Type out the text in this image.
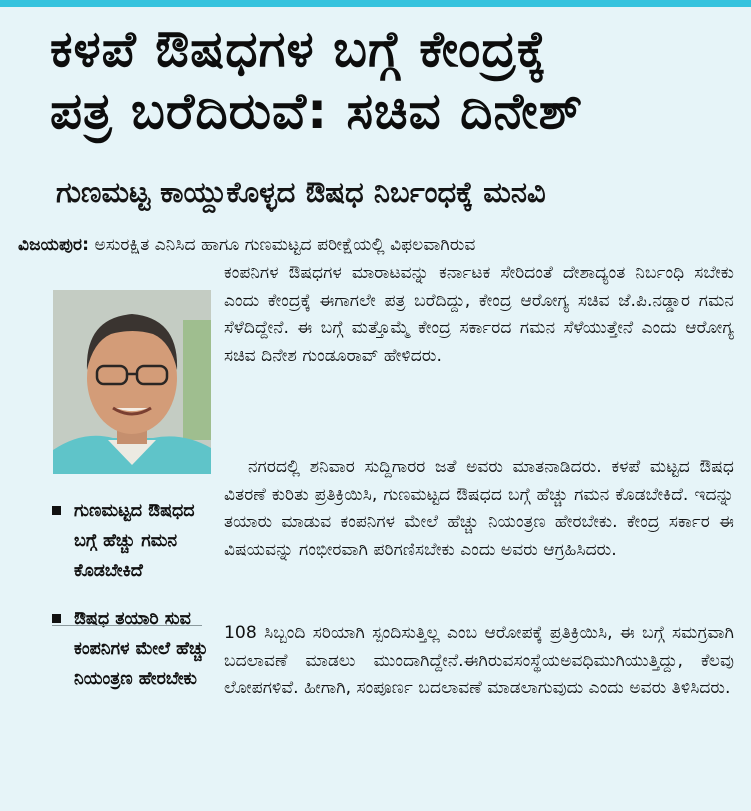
ಕಳಪೆ ಔಷಧಗಳ ಬಗ್ಗೆ ಕೇಂದ್ರಕ್ಕೆ
ಪತ್ರ ಬರೆದಿರುವೆ: ಸಚಿವ ದಿನೇಶ್
ಗುಣಮಟ್ಟ ಕಾಯ್ದುಕೊಳ್ಳದ ಔಷಧ ನಿರ್ಬಂಧಕ್ಕೆ ಮನವಿ
ವಿಜಯಪುರ: ಅಸುರಕ್ಷಿತ ಎನಿಸಿದ ಹಾಗೂ ಗುಣಮಟ್ಟದ ಪರೀಕ್ಷೆಯಲ್ಲಿ ವಿಫಲವಾಗಿರುವ
ಕಂಪನಿಗಳ ಔಷಧಗಳ ಮಾರಾಟವನ್ನು ಕರ್ನಾಟಕ ಸೇರಿದಂತೆ ದೇಶಾದ್ಯಂತ ನಿರ್ಬಂಧಿ ಸಬೇಕು ಎಂದು ಕೇಂದ್ರಕ್ಕೆ ಈಗಾಗಲೇ ಪತ್ರ ಬರೆದಿದ್ದು, ಕೇಂದ್ರ ಆರೋಗ್ಯ ಸಚಿವ ಜೆ.ಪಿ.ನಡ್ಡಾರ ಗಮನ ಸೆಳೆದಿದ್ದೇನೆ. ಈ ಬಗ್ಗೆ ಮತ್ತೊಮ್ಮೆ ಕೇಂದ್ರ ಸರ್ಕಾರದ ಗಮನ ಸೆಳೆಯುತ್ತೇನೆ ಎಂದು ಆರೋಗ್ಯ ಸಚಿವ ದಿನೇಶ ಗುಂಡೂರಾವ್ ಹೇಳಿದರು.
ನಗರದಲ್ಲಿ ಶನಿವಾರ ಸುದ್ದಿಗಾರರ ಜತೆ ಅವರು ಮಾತನಾಡಿದರು. ಕಳಪೆ ಮಟ್ಟದ ಔಷಧ ವಿತರಣೆ ಕುರಿತು ಪ್ರತಿಕ್ರಿಯಿಸಿ, ಗುಣಮಟ್ಟದ ಔಷಧದ ಬಗ್ಗೆ ಹೆಚ್ಚು ಗಮನ ಕೊಡಬೇಕಿದೆ. ಇದನ್ನು ತಯಾರು ಮಾಡುವ ಕಂಪನಿಗಳ ಮೇಲೆ ಹೆಚ್ಚು ನಿಯಂತ್ರಣ ಹೇರಬೇಕು. ಕೇಂದ್ರ ಸರ್ಕಾರ ಈ ವಿಷಯವನ್ನು ಗಂಭೀರವಾಗಿ ಪರಿಗಣಿಸಬೇಕು ಎಂದು ಅವರು ಆಗ್ರಹಿಸಿದರು.
108 ಸಿಬ್ಬಂದಿ ಸರಿಯಾಗಿ ಸ್ಪಂದಿಸುತ್ತಿಲ್ಲ ಎಂಬ ಆರೋಪಕ್ಕೆ ಪ್ರತಿಕ್ರಿಯಿಸಿ, ಈ ಬಗ್ಗೆ ಸಮಗ್ರವಾಗಿ ಬದಲಾವಣೆ ಮಾಡಲು ಮುಂದಾಗಿದ್ದೇನೆ.ಈಗಿರುವಸಂಸ್ಥೆಯಅವಧಿಮುಗಿಯುತ್ತಿದ್ದು, ಕೆಲವು ಲೋಪಗಳಿವೆ. ಹೀಗಾಗಿ, ಸಂಪೂರ್ಣ ಬದಲಾವಣೆ ಮಾಡಲಾಗುವುದು ಎಂದು ಅವರು ತಿಳಿಸಿದರು.
ಗುಣಮಟ್ಟದ ಔಷಧದ ಬಗ್ಗೆ ಹೆಚ್ಚು ಗಮನ ಕೊಡಬೇಕಿದೆ
ಔಷಧ ತಯಾರಿ ಸುವ ಕಂಪನಿಗಳ ಮೇಲೆ ಹೆಚ್ಚು ನಿಯಂತ್ರಣ ಹೇರಬೇಕು
